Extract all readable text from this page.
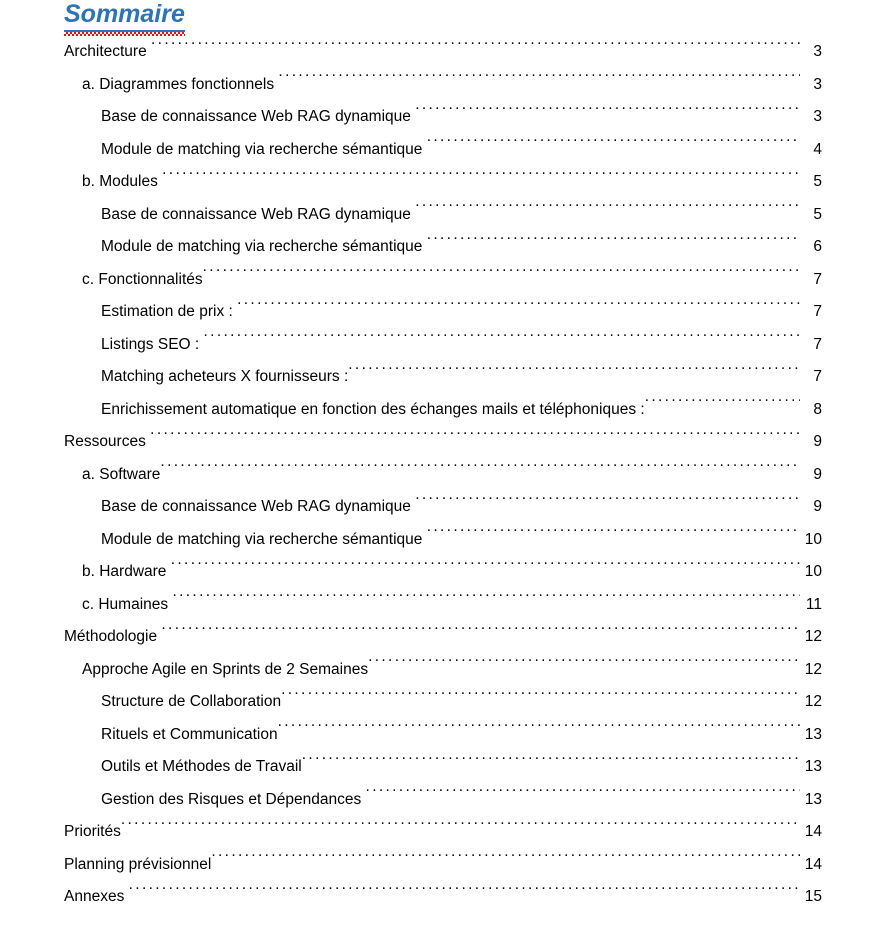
Sommaire
Architecture .....	3
a. Diagrammes fonctionnels .....	3
Base de connaissance Web RAG dynamique .....	3
Module de matching via recherche sémantique .....	4
b. Modules .....	5
Base de connaissance Web RAG dynamique .....	5
Module de matching via recherche sémantique .....	6
c. Fonctionnalités .....	7
Estimation de prix : .....	7
Listings SEO : .....	7
Matching acheteurs X fournisseurs : .....	7
Enrichissement automatique en fonction des échanges mails et téléphoniques : .....	8
Ressources .....	9
a. Software .....	9
Base de connaissance Web RAG dynamique .....	9
Module de matching via recherche sémantique .....	10
b. Hardware .....	10
c. Humaines .....	11
Méthodologie .....	12
Approche Agile en Sprints de 2 Semaines .....	12
Structure de Collaboration .....	12
Rituels et Communication .....	13
Outils et Méthodes de Travail .....	13
Gestion des Risques et Dépendances .....	13
Priorités .....	14
Planning prévisionnel .....	14
Annexes .....	15
